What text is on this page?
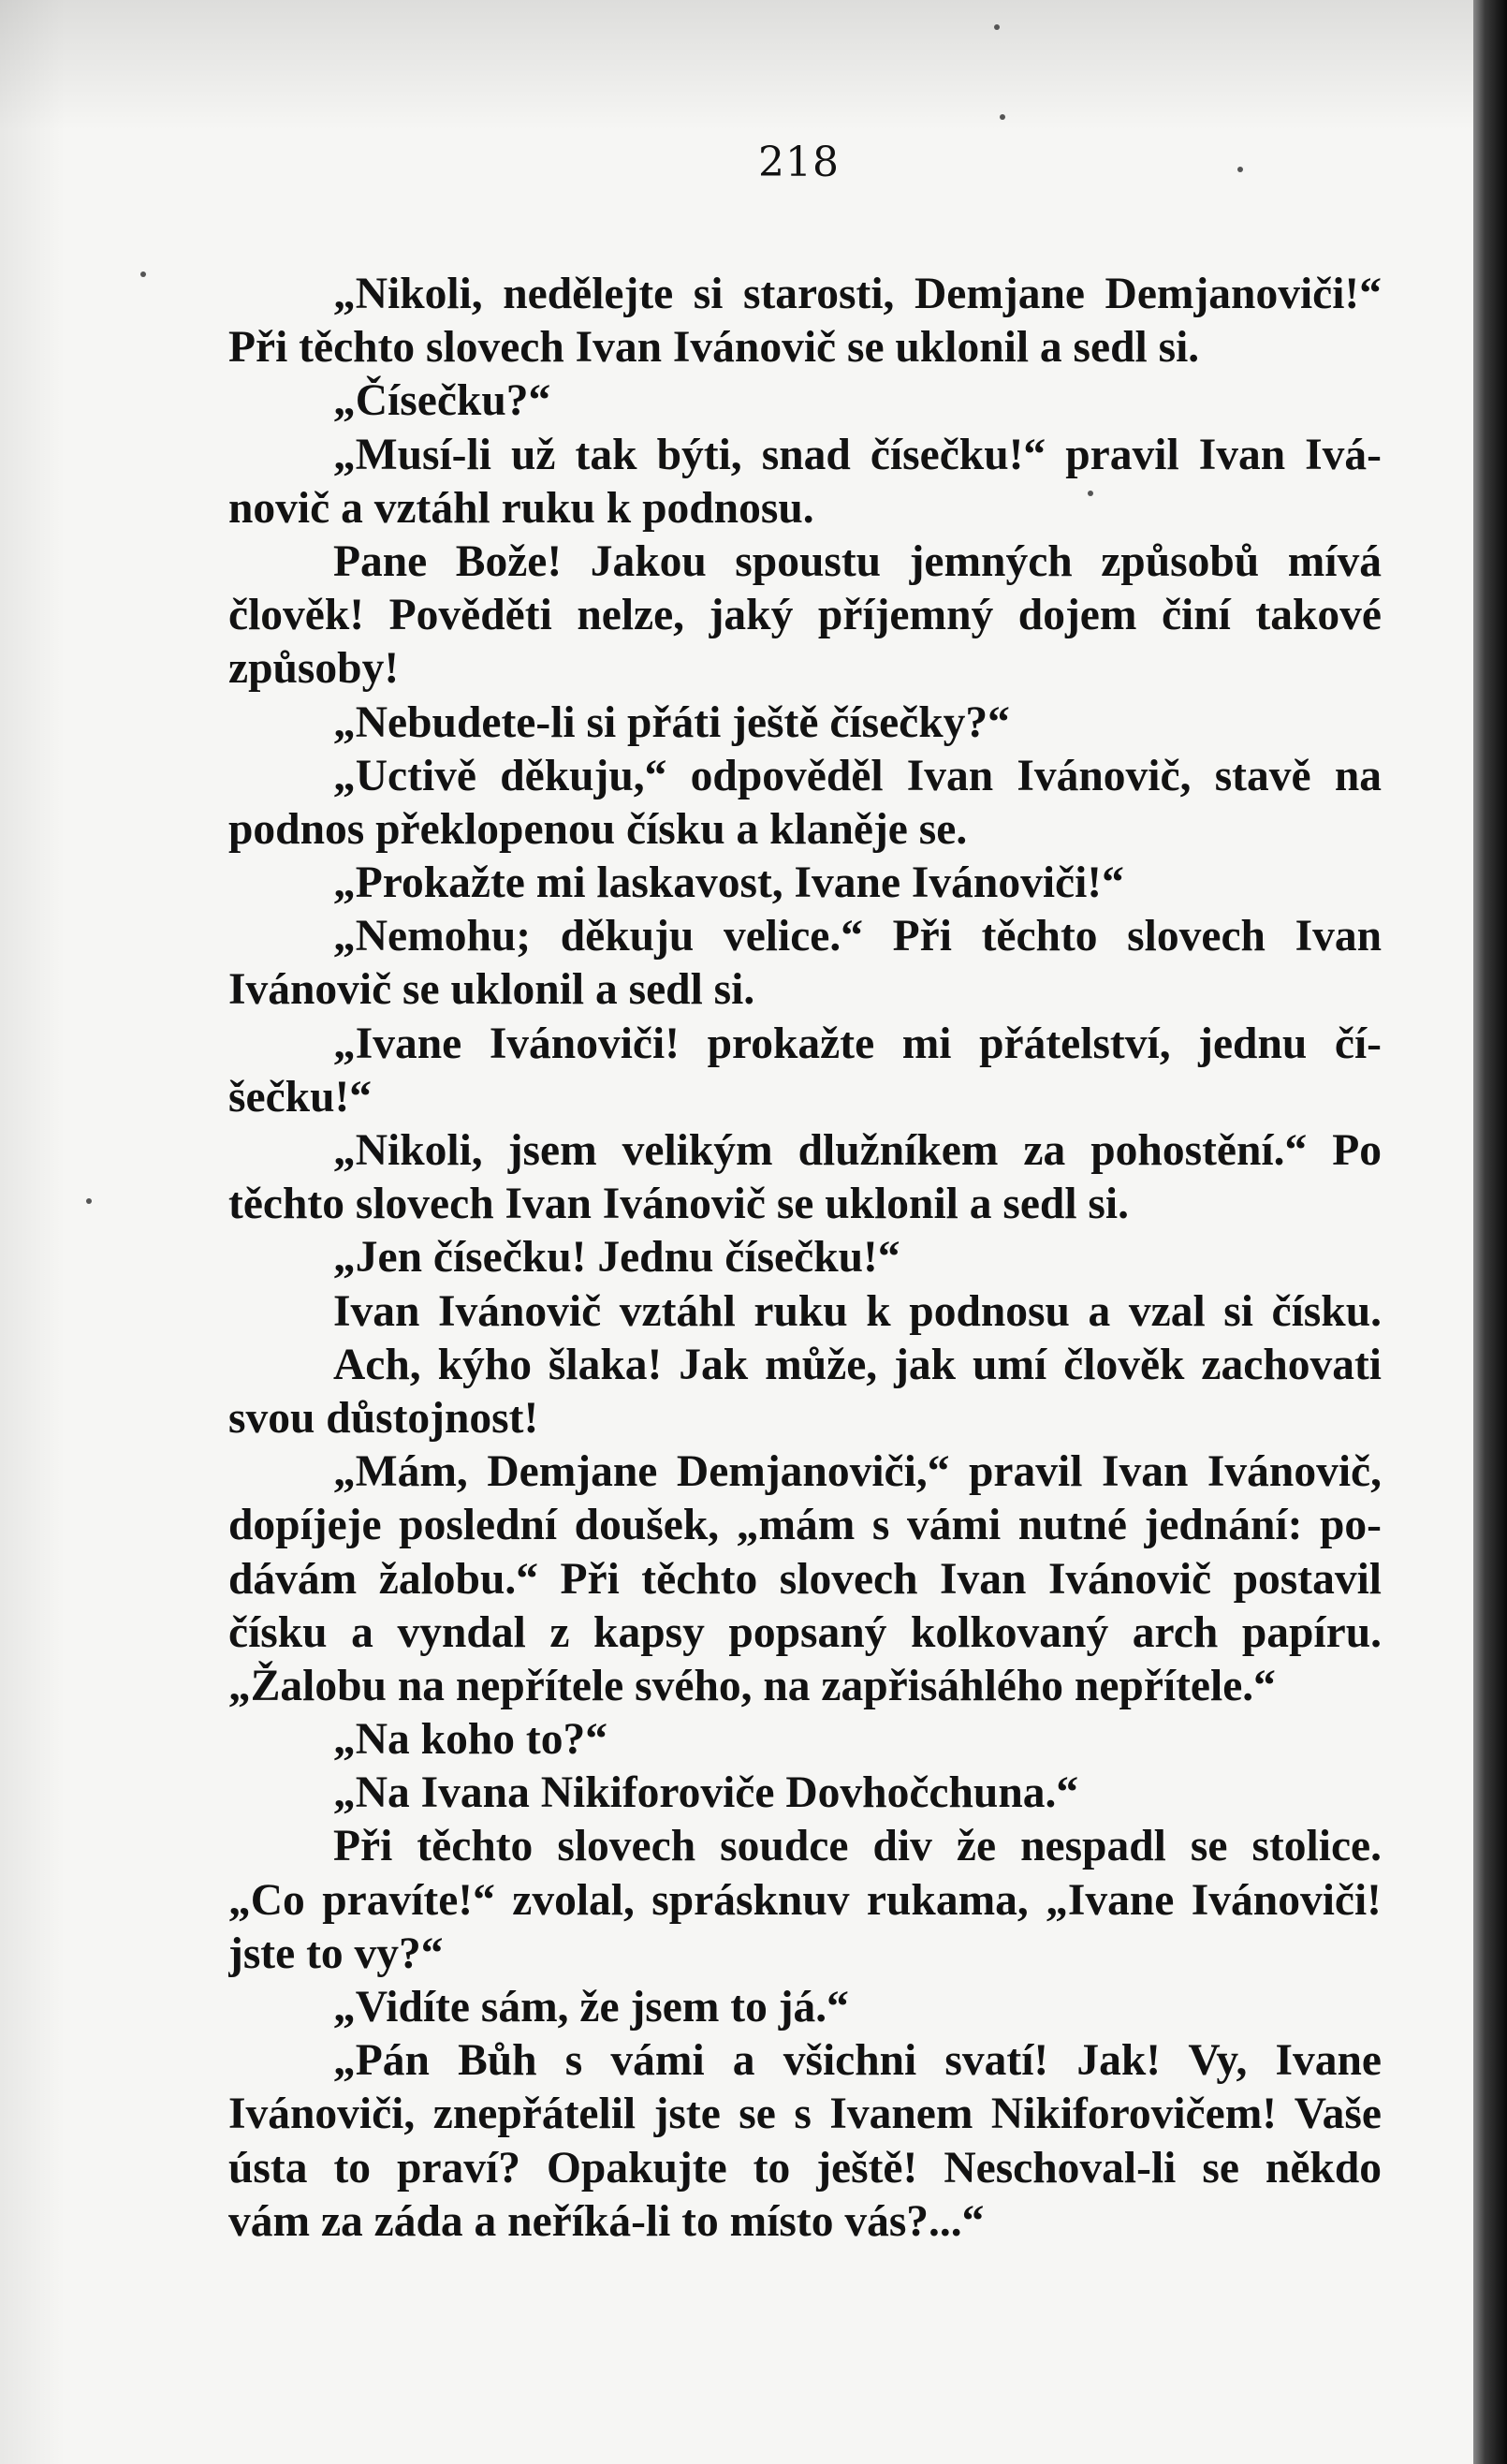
218
„Nikoli, nedělejte si starosti, Demjane Demjanoviči!“
Při těchto slovech Ivan Ivánovič se uklonil a sedl si.
„Čísečku?“
„Musí-li už tak býti, snad čísečku!“ pravil Ivan Ivá-
novič a vztáhl ruku k podnosu.
Pane Bože! Jakou spoustu jemných způsobů mívá
člověk! Pověděti nelze, jaký příjemný dojem činí takové
způsoby!
„Nebudete-li si přáti ještě čísečky?“
„Uctivě děkuju,“ odpověděl Ivan Ivánovič, stavě na
podnos překlopenou čísku a klaněje se.
„Prokažte mi laskavost, Ivane Ivánoviči!“
„Nemohu; děkuju velice.“ Při těchto slovech Ivan
Ivánovič se uklonil a sedl si.
„Ivane Ivánoviči! prokažte mi přátelství, jednu čí-
šečku!“
„Nikoli, jsem velikým dlužníkem za pohostění.“ Po
těchto slovech Ivan Ivánovič se uklonil a sedl si.
„Jen čísečku! Jednu čísečku!“
Ivan Ivánovič vztáhl ruku k podnosu a vzal si čísku.
Ach, kýho šlaka! Jak může, jak umí člověk zachovati
svou důstojnost!
„Mám, Demjane Demjanoviči,“ pravil Ivan Ivánovič,
dopíjeje poslední doušek, „mám s vámi nutné jednání: po-
dávám žalobu.“ Při těchto slovech Ivan Ivánovič postavil
čísku a vyndal z kapsy popsaný kolkovaný arch papíru.
„Žalobu na nepřítele svého, na zapřisáhlého nepřítele.“
„Na koho to?“
„Na Ivana Nikiforoviče Dovhočchuna.“
Při těchto slovech soudce div že nespadl se stolice.
„Co pravíte!“ zvolal, sprásknuv rukama, „Ivane Ivánoviči!
jste to vy?“
„Vidíte sám, že jsem to já.“
„Pán Bůh s vámi a všichni svatí! Jak! Vy, Ivane
Ivánoviči, znepřátelil jste se s Ivanem Nikiforovičem! Vaše
ústa to praví? Opakujte to ještě! Neschoval-li se někdo
vám za záda a neříká-li to místo vás?...“
